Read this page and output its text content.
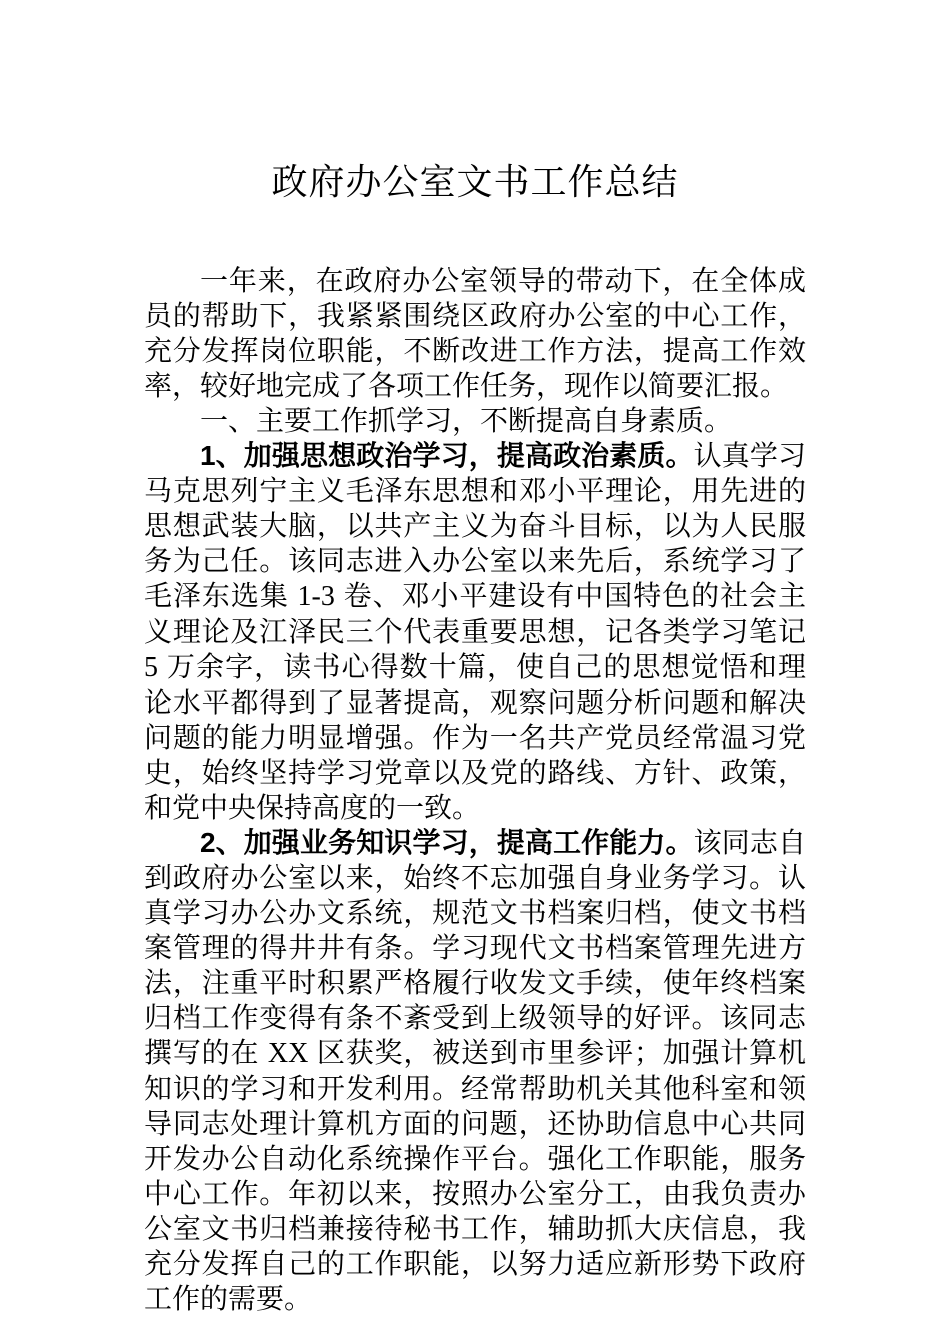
政府办公室文书工作总结

一年来，在政府办公室领导的带动下，在全体成员的帮助下，我紧紧围绕区政府办公室的中心工作，充分发挥岗位职能，不断改进工作方法，提高工作效率，较好地完成了各项工作任务，现作以简要汇报。

一、主要工作抓学习，不断提高自身素质。

1、加强思想政治学习，提高政治素质。认真学习马克思列宁主义毛泽东思想和邓小平理论，用先进的思想武装大脑，以共产主义为奋斗目标，以为人民服务为己任。该同志进入办公室以来先后，系统学习了毛泽东选集 1-3 卷、邓小平建设有中国特色的社会主义理论及江泽民三个代表重要思想，记各类学习笔记 5 万余字，读书心得数十篇，使自己的思想觉悟和理论水平都得到了显著提高，观察问题分析问题和解决问题的能力明显增强。作为一名共产党员经常温习党史，始终坚持学习党章以及党的路线、方针、政策，和党中央保持高度的一致。

2、加强业务知识学习，提高工作能力。该同志自到政府办公室以来，始终不忘加强自身业务学习。认真学习办公办文系统，规范文书档案归档，使文书档案管理的得井井有条。学习现代文书档案管理先进方法，注重平时积累严格履行收发文手续，使年终档案归档工作变得有条不紊受到上级领导的好评。该同志撰写的在 XX 区获奖，被送到市里参评；加强计算机知识的学习和开发利用。经常帮助机关其他科室和领导同志处理计算机方面的问题，还协助信息中心共同开发办公自动化系统操作平台。强化工作职能，服务中心工作。年初以来，按照办公室分工，由我负责办公室文书归档兼接待秘书工作，辅助抓大庆信息，我充分发挥自己的工作职能，以努力适应新形势下政府工作的需要。
